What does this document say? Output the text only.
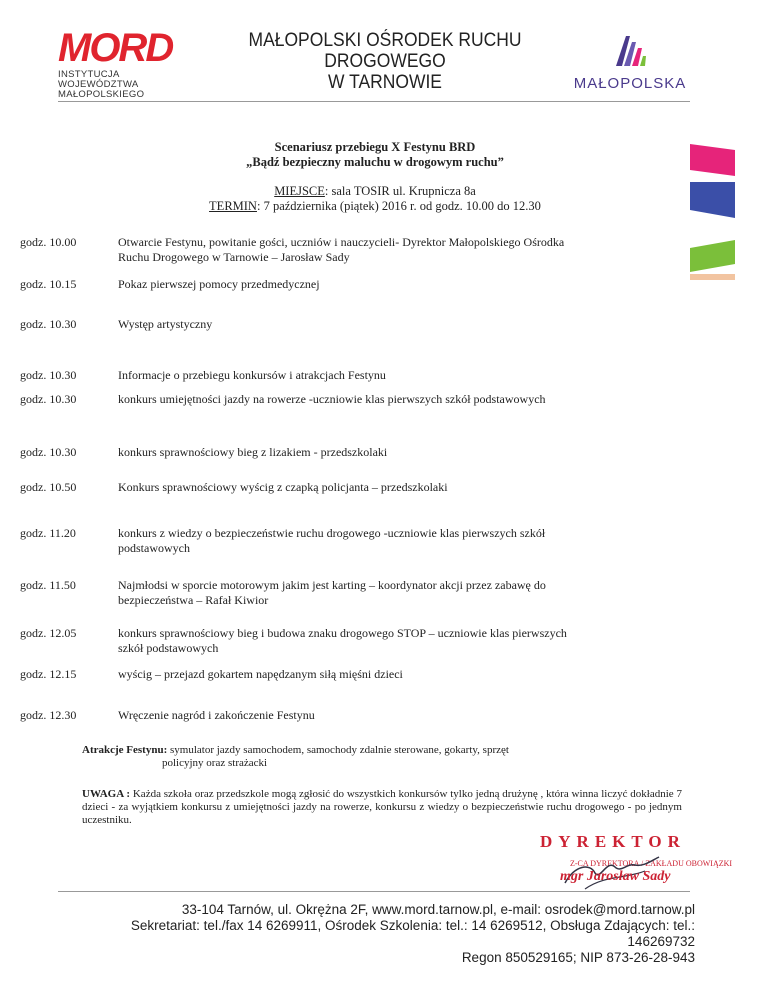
MORD
INSTYTUCJA
WOJEWÓDZTWA
MAŁOPOLSKIEGO
MAŁOPOLSKI OŚRODEK RUCHU DROGOWEGO
W TARNOWIE	MAŁOPOLSKA
Scenariusz przebiegu X Festynu BRD
„Bądź bezpieczny maluchu w drogowym ruchu”
MIEJSCE: sala TOSIR ul. Krupnicza 8a
TERMIN: 7 października (piątek) 2016 r. od godz. 10.00 do 12.30
godz. 10.00	Otwarcie Festynu, powitanie gości, uczniów i nauczycieli- Dyrektor Małopolskiego Ośrodka Ruchu Drogowego w Tarnowie – Jarosław Sady
godz. 10.15	Pokaz pierwszej pomocy przedmedycznej
godz. 10.30	Występ artystyczny
godz. 10.30	Informacje o przebiegu konkursów i atrakcjach Festynu
godz. 10.30	konkurs umiejętności jazdy na rowerze -uczniowie klas pierwszych szkół podstawowych
godz. 10.30	konkurs sprawnościowy bieg z lizakiem - przedszkolaki
godz. 10.50	Konkurs sprawnościowy wyścig z czapką policjanta – przedszkolaki
godz. 11.20	konkurs z wiedzy o bezpieczeństwie ruchu drogowego -uczniowie klas pierwszych szkół podstawowych
godz. 11.50	Najmłodsi w sporcie motorowym jakim jest karting – koordynator akcji przez zabawę do bezpieczeństwa – Rafał Kiwior
godz. 12.05	konkurs sprawnościowy bieg i budowa znaku drogowego STOP – uczniowie klas pierwszych szkół podstawowych
godz. 12.15	wyścig – przejazd gokartem napędzanym siłą mięśni dzieci
godz. 12.30	Wręczenie nagród i zakończenie Festynu
Atrakcje Festynu: symulator jazdy samochodem, samochody zdalnie sterowane, gokarty, sprzęt
policyjny oraz strażacki
UWAGA : Każda szkoła oraz przedszkole mogą zgłosić do wszystkich konkursów tylko jedną drużynę , która winna liczyć dokładnie 7 dzieci - za wyjątkiem konkursu z umiejętności jazdy na rowerze, konkursu z wiedzy o bezpieczeństwie ruchu drogowego - po jednym uczestniku.
DYREKTOR
Z-CA DYREKTORA / ZAKŁADU OBOWIĄZKI
mgr Jarosław Sady
33-104 Tarnów, ul. Okrężna 2F, www.mord.tarnow.pl, e-mail: osrodek@mord.tarnow.pl
Sekretariat: tel./fax 14 6269911, Ośrodek Szkolenia: tel.: 14 6269512, Obsługa Zdających: tel.: 146269732
Regon 850529165; NIP 873-26-28-943
